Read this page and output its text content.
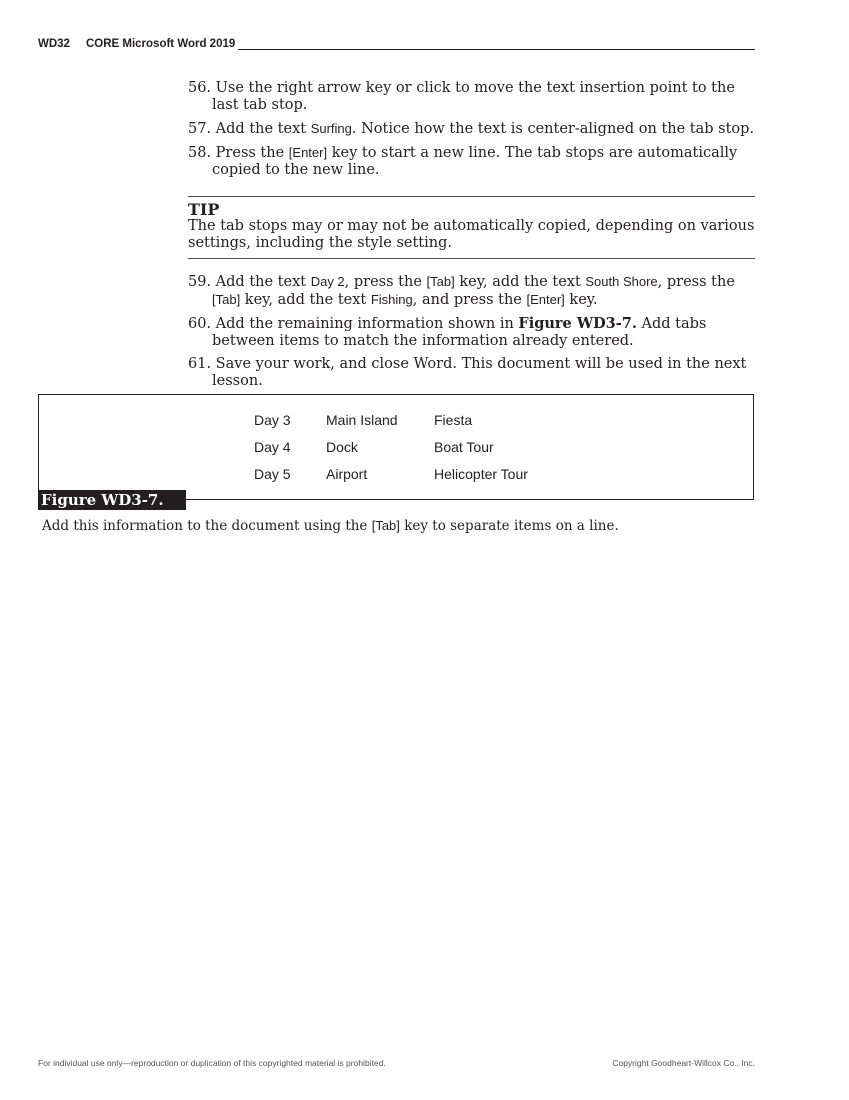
WD32 CORE Microsoft Word 2019
56. Use the right arrow key or click to move the text insertion point to the last tab stop.
57. Add the text Surfing. Notice how the text is center-aligned on the tab stop.
58. Press the [Enter] key to start a new line. The tab stops are automatically copied to the new line.
TIP
The tab stops may or may not be automatically copied, depending on various settings, including the style setting.
59. Add the text Day 2, press the [Tab] key, add the text South Shore, press the [Tab] key, add the text Fishing, and press the [Enter] key.
60. Add the remaining information shown in Figure WD3-7. Add tabs between items to match the information already entered.
61. Save your work, and close Word. This document will be used in the next lesson.
Day 3	Main Island	Fiesta
Day 4	Dock	Boat Tour
Day 5	Airport	Helicopter Tour
Figure WD3-7.
Add this information to the document using the [Tab] key to separate items on a line.
For individual use only—reproduction or duplication of this copyrighted material is prohibited.	Copyright Goodheart-Willcox Co., Inc.
